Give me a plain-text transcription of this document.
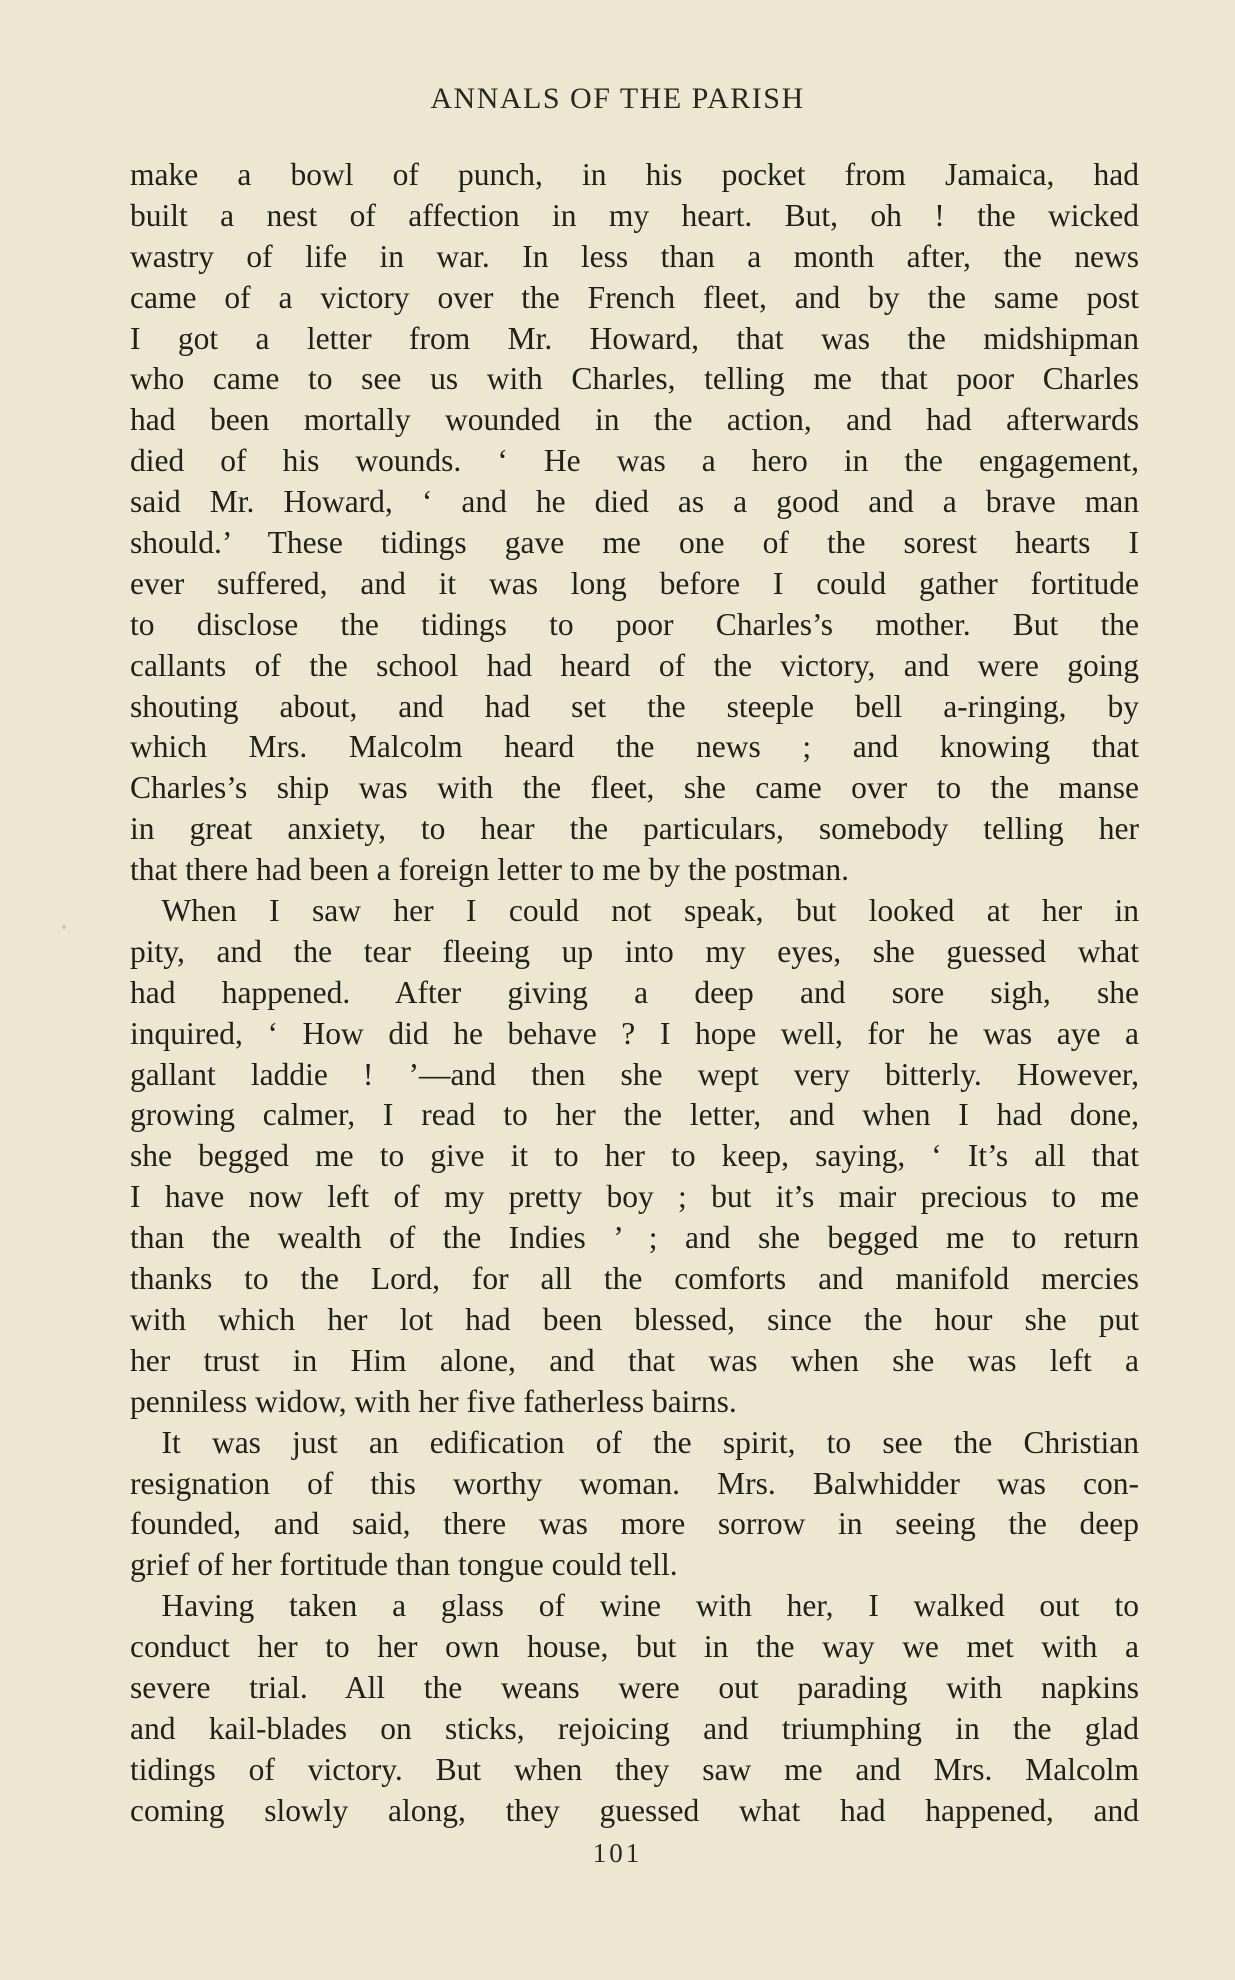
ANNALS OF THE PARISH
make a bowl of punch, in his pocket from Jamaica, had
built a nest of affection in my heart. But, oh ! the wicked
wastry of life in war. In less than a month after, the news
came of a victory over the French fleet, and by the same post
I got a letter from Mr. Howard, that was the midshipman
who came to see us with Charles, telling me that poor Charles
had been mortally wounded in the action, and had afterwards
died of his wounds. ‘ He was a hero in the engagement,
said Mr. Howard, ‘ and he died as a good and a brave man
should.’ These tidings gave me one of the sorest hearts I
ever suffered, and it was long before I could gather fortitude
to disclose the tidings to poor Charles’s mother. But the
callants of the school had heard of the victory, and were going
shouting about, and had set the steeple bell a-ringing, by
which Mrs. Malcolm heard the news ; and knowing that
Charles’s ship was with the fleet, she came over to the manse
in great anxiety, to hear the particulars, somebody telling her
that there had been a foreign letter to me by the postman.
 When I saw her I could not speak, but looked at her in
pity, and the tear fleeing up into my eyes, she guessed what
had happened. After giving a deep and sore sigh, she
inquired, ‘ How did he behave ? I hope well, for he was aye a
gallant laddie ! ’—and then she wept very bitterly. However,
growing calmer, I read to her the letter, and when I had done,
she begged me to give it to her to keep, saying, ‘ It’s all that
I have now left of my pretty boy ; but it’s mair precious to me
than the wealth of the Indies ’ ; and she begged me to return
thanks to the Lord, for all the comforts and manifold mercies
with which her lot had been blessed, since the hour she put
her trust in Him alone, and that was when she was left a
penniless widow, with her five fatherless bairns.
 It was just an edification of the spirit, to see the Christian
resignation of this worthy woman. Mrs. Balwhidder was con-
founded, and said, there was more sorrow in seeing the deep
grief of her fortitude than tongue could tell.
 Having taken a glass of wine with her, I walked out to
conduct her to her own house, but in the way we met with a
severe trial. All the weans were out parading with napkins
and kail-blades on sticks, rejoicing and triumphing in the glad
tidings of victory. But when they saw me and Mrs. Malcolm
coming slowly along, they guessed what had happened, and
101
